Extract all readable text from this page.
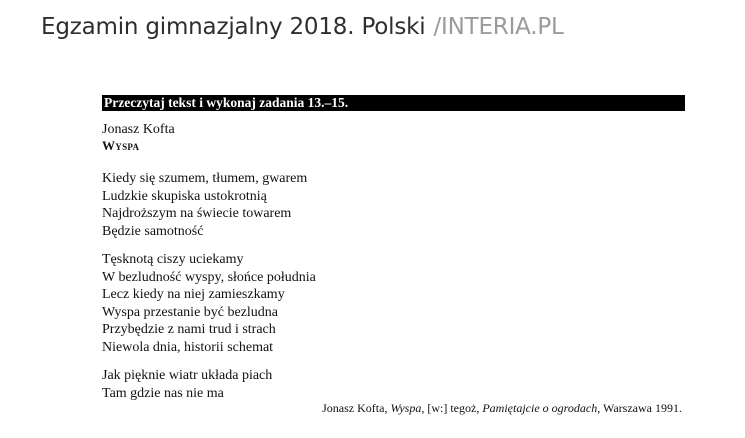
Egzamin gimnazjalny 2018. Polski /INTERIA.PL
Przeczytaj tekst i wykonaj zadania 13.–15.
Jonasz Kofta
Wyspa
Kiedy się szumem, tłumem, gwarem
Ludzkie skupiska ustokrotnią
Najdroższym na świecie towarem
Będzie samotność
Tęsknotą ciszy uciekamy
W bezludność wyspy, słońce południa
Lecz kiedy na niej zamieszkamy
Wyspa przestanie być bezludna
Przybędzie z nami trud i strach
Niewola dnia, historii schemat
Jak pięknie wiatr układa piach
Tam gdzie nas nie ma
Jonasz Kofta, Wyspa, [w:] tegoż, Pamiętajcie o ogrodach, Warszawa 1991.
